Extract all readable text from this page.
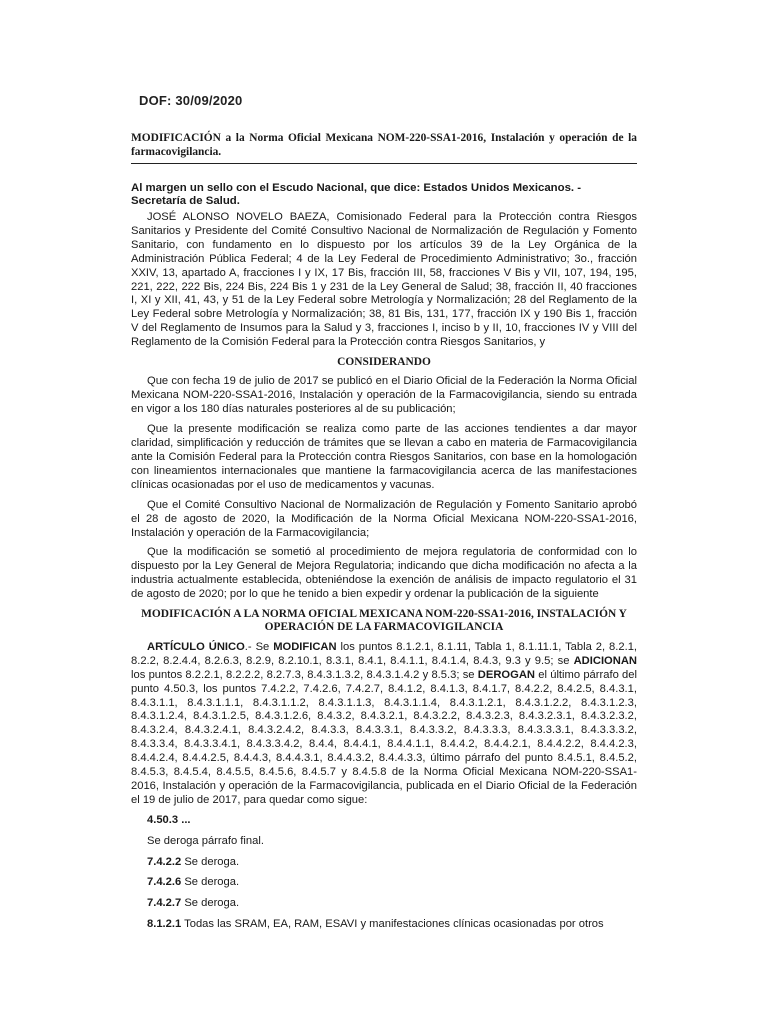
DOF: 30/09/2020

MODIFICACIÓN a la Norma Oficial Mexicana NOM-220-SSA1-2016, Instalación y operación de la farmacovigilancia.

Al margen un sello con el Escudo Nacional, que dice: Estados Unidos Mexicanos. - Secretaría de Salud.

JOSÉ ALONSO NOVELO BAEZA, Comisionado Federal para la Protección contra Riesgos Sanitarios y Presidente del Comité Consultivo Nacional de Normalización de Regulación y Fomento Sanitario, con fundamento en lo dispuesto por los artículos 39 de la Ley Orgánica de la Administración Pública Federal; 4 de la Ley Federal de Procedimiento Administrativo; 3o., fracción XXIV, 13, apartado A, fracciones I y IX, 17 Bis, fracción III, 58, fracciones V Bis y VII, 107, 194, 195, 221, 222, 222 Bis, 224 Bis, 224 Bis 1 y 231 de la Ley General de Salud; 38, fracción II, 40 fracciones I, XI y XII, 41, 43, y 51 de la Ley Federal sobre Metrología y Normalización; 28 del Reglamento de la Ley Federal sobre Metrología y Normalización; 38, 81 Bis, 131, 177, fracción IX y 190 Bis 1, fracción V del Reglamento de Insumos para la Salud y 3, fracciones I, inciso b y II, 10, fracciones IV y VIII del Reglamento de la Comisión Federal para la Protección contra Riesgos Sanitarios, y

CONSIDERANDO

Que con fecha 19 de julio de 2017 se publicó en el Diario Oficial de la Federación la Norma Oficial Mexicana NOM-220-SSA1-2016, Instalación y operación de la Farmacovigilancia, siendo su entrada en vigor a los 180 días naturales posteriores al de su publicación;

Que la presente modificación se realiza como parte de las acciones tendientes a dar mayor claridad, simplificación y reducción de trámites que se llevan a cabo en materia de Farmacovigilancia ante la Comisión Federal para la Protección contra Riesgos Sanitarios, con base en la homologación con lineamientos internacionales que mantiene la farmacovigilancia acerca de las manifestaciones clínicas ocasionadas por el uso de medicamentos y vacunas.

Que el Comité Consultivo Nacional de Normalización de Regulación y Fomento Sanitario aprobó el 28 de agosto de 2020, la Modificación de la Norma Oficial Mexicana NOM-220-SSA1-2016, Instalación y operación de la Farmacovigilancia;

Que la modificación se sometió al procedimiento de mejora regulatoria de conformidad con lo dispuesto por la Ley General de Mejora Regulatoria; indicando que dicha modificación no afecta a la industria actualmente establecida, obteniéndose la exención de análisis de impacto regulatorio el 31 de agosto de 2020; por lo que he tenido a bien expedir y ordenar la publicación de la siguiente

MODIFICACIÓN A LA NORMA OFICIAL MEXICANA NOM-220-SSA1-2016, INSTALACIÓN Y OPERACIÓN DE LA FARMACOVIGILANCIA

ARTÍCULO ÚNICO.- Se MODIFICAN los puntos 8.1.2.1, 8.1.11, Tabla 1, 8.1.11.1, Tabla 2, 8.2.1, 8.2.2, 8.2.4.4, 8.2.6.3, 8.2.9, 8.2.10.1, 8.3.1, 8.4.1, 8.4.1.1, 8.4.1.4, 8.4.3, 9.3 y 9.5; se ADICIONAN los puntos 8.2.2.1, 8.2.2.2, 8.2.7.3, 8.4.3.1.3.2, 8.4.3.1.4.2 y 8.5.3; se DEROGAN el último párrafo del punto 4.50.3, los puntos 7.4.2.2, 7.4.2.6, 7.4.2.7, 8.4.1.2, 8.4.1.3, 8.4.1.7, 8.4.2.2, 8.4.2.5, 8.4.3.1, 8.4.3.1.1, 8.4.3.1.1.1, 8.4.3.1.1.2, 8.4.3.1.1.3, 8.4.3.1.1.4, 8.4.3.1.2.1, 8.4.3.1.2.2, 8.4.3.1.2.3, 8.4.3.1.2.4, 8.4.3.1.2.5, 8.4.3.1.2.6, 8.4.3.2, 8.4.3.2.1, 8.4.3.2.2, 8.4.3.2.3, 8.4.3.2.3.1, 8.4.3.2.3.2, 8.4.3.2.4, 8.4.3.2.4.1, 8.4.3.2.4.2, 8.4.3.3, 8.4.3.3.1, 8.4.3.3.2, 8.4.3.3.3, 8.4.3.3.3.1, 8.4.3.3.3.2, 8.4.3.3.4, 8.4.3.3.4.1, 8.4.3.3.4.2, 8.4.4, 8.4.4.1, 8.4.4.1.1, 8.4.4.2, 8.4.4.2.1, 8.4.4.2.2, 8.4.4.2.3, 8.4.4.2.4, 8.4.4.2.5, 8.4.4.3, 8.4.4.3.1, 8.4.4.3.2, 8.4.4.3.3, último párrafo del punto 8.4.5.1, 8.4.5.2, 8.4.5.3, 8.4.5.4, 8.4.5.5, 8.4.5.6, 8.4.5.7 y 8.4.5.8 de la Norma Oficial Mexicana NOM-220-SSA1-2016, Instalación y operación de la Farmacovigilancia, publicada en el Diario Oficial de la Federación el 19 de julio de 2017, para quedar como sigue:

4.50.3 ...

Se deroga párrafo final.

7.4.2.2 Se deroga.

7.4.2.6 Se deroga.

7.4.2.7 Se deroga.

8.1.2.1 Todas las SRAM, EA, RAM, ESAVI y manifestaciones clínicas ocasionadas por otros
